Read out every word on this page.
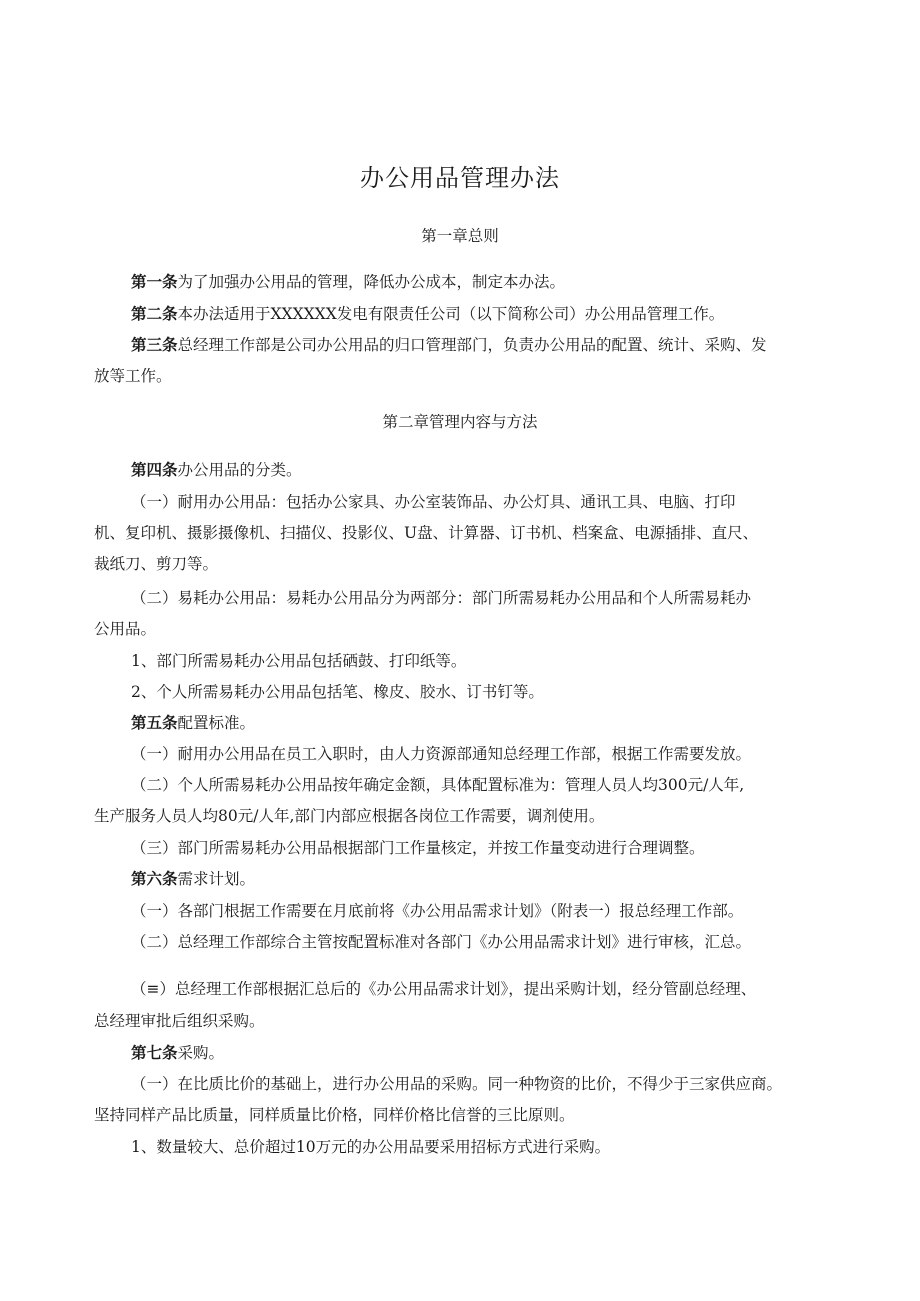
办公用品管理办法
第一章总则
第一条为了加强办公用品的管理，降低办公成本，制定本办法。
第二条本办法适用于XXXXXX发电有限责任公司（以下简称公司）办公用品管理工作。
第三条总经理工作部是公司办公用品的归口管理部门，负责办公用品的配置、统计、采购、发
放等工作。
第二章管理内容与方法
第四条办公用品的分类。
（一）耐用办公用品：包括办公家具、办公室装饰品、办公灯具、通讯工具、电脑、打印
机、复印机、摄影摄像机、扫描仪、投影仪、U盘、计算器、订书机、档案盒、电源插排、直尺、
裁纸刀、剪刀等。
（二）易耗办公用品：易耗办公用品分为两部分：部门所需易耗办公用品和个人所需易耗办
公用品。
1、部门所需易耗办公用品包括硒鼓、打印纸等。
2、个人所需易耗办公用品包括笔、橡皮、胶水、订书钉等。
第五条配置标准。
（一）耐用办公用品在员工入职时，由人力资源部通知总经理工作部，根据工作需要发放。
（二）个人所需易耗办公用品按年确定金额，具体配置标准为：管理人员人均300元/人年,
生产服务人员人均80元/人年,部门内部应根据各岗位工作需要，调剂使用。
（三）部门所需易耗办公用品根据部门工作量核定，并按工作量变动进行合理调整。
第六条需求计划。
（一）各部门根据工作需要在月底前将《办公用品需求计划》（附表一）报总经理工作部。
（二）总经理工作部综合主管按配置标准对各部门《办公用品需求计划》进行审核，汇总。
（≡）总经理工作部根据汇总后的《办公用品需求计划》，提出采购计划，经分管副总经理、
总经理审批后组织采购。
第七条采购。
（一）在比质比价的基础上，进行办公用品的采购。同一种物资的比价，不得少于三家供应商。
坚持同样产品比质量，同样质量比价格，同样价格比信誉的三比原则。
1、数量较大、总价超过10万元的办公用品要采用招标方式进行采购。
